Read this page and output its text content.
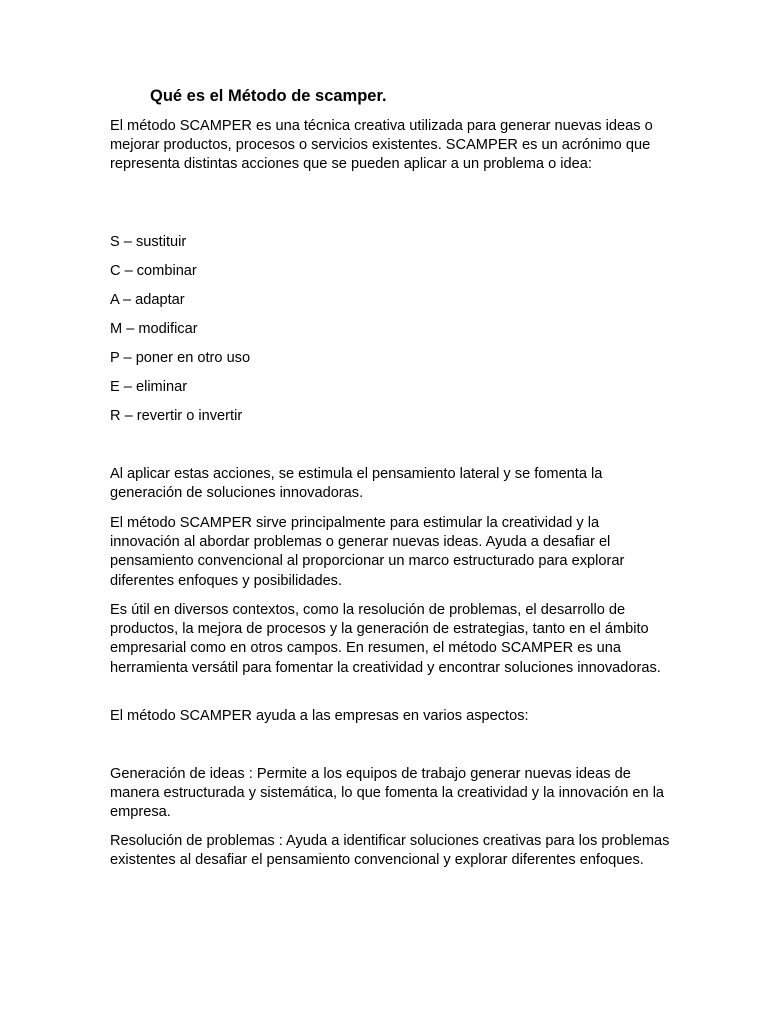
Qué es el Método de scamper.

El método SCAMPER es una técnica creativa utilizada para generar nuevas ideas o mejorar productos, procesos o servicios existentes. SCAMPER es un acrónimo que representa distintas acciones que se pueden aplicar a un problema o idea:

S – sustituir

C – combinar

A – adaptar

M – modificar

P – poner en otro uso

E – eliminar

R – revertir o invertir

Al aplicar estas acciones, se estimula el pensamiento lateral y se fomenta la generación de soluciones innovadoras.

El método SCAMPER sirve principalmente para estimular la creatividad y la innovación al abordar problemas o generar nuevas ideas. Ayuda a desafiar el pensamiento convencional al proporcionar un marco estructurado para explorar diferentes enfoques y posibilidades.

Es útil en diversos contextos, como la resolución de problemas, el desarrollo de productos, la mejora de procesos y la generación de estrategias, tanto en el ámbito empresarial como en otros campos. En resumen, el método SCAMPER es una herramienta versátil para fomentar la creatividad y encontrar soluciones innovadoras.

El método SCAMPER ayuda a las empresas en varios aspectos:

Generación de ideas : Permite a los equipos de trabajo generar nuevas ideas de manera estructurada y sistemática, lo que fomenta la creatividad y la innovación en la empresa.

Resolución de problemas : Ayuda a identificar soluciones creativas para los problemas existentes al desafiar el pensamiento convencional y explorar diferentes enfoques.
